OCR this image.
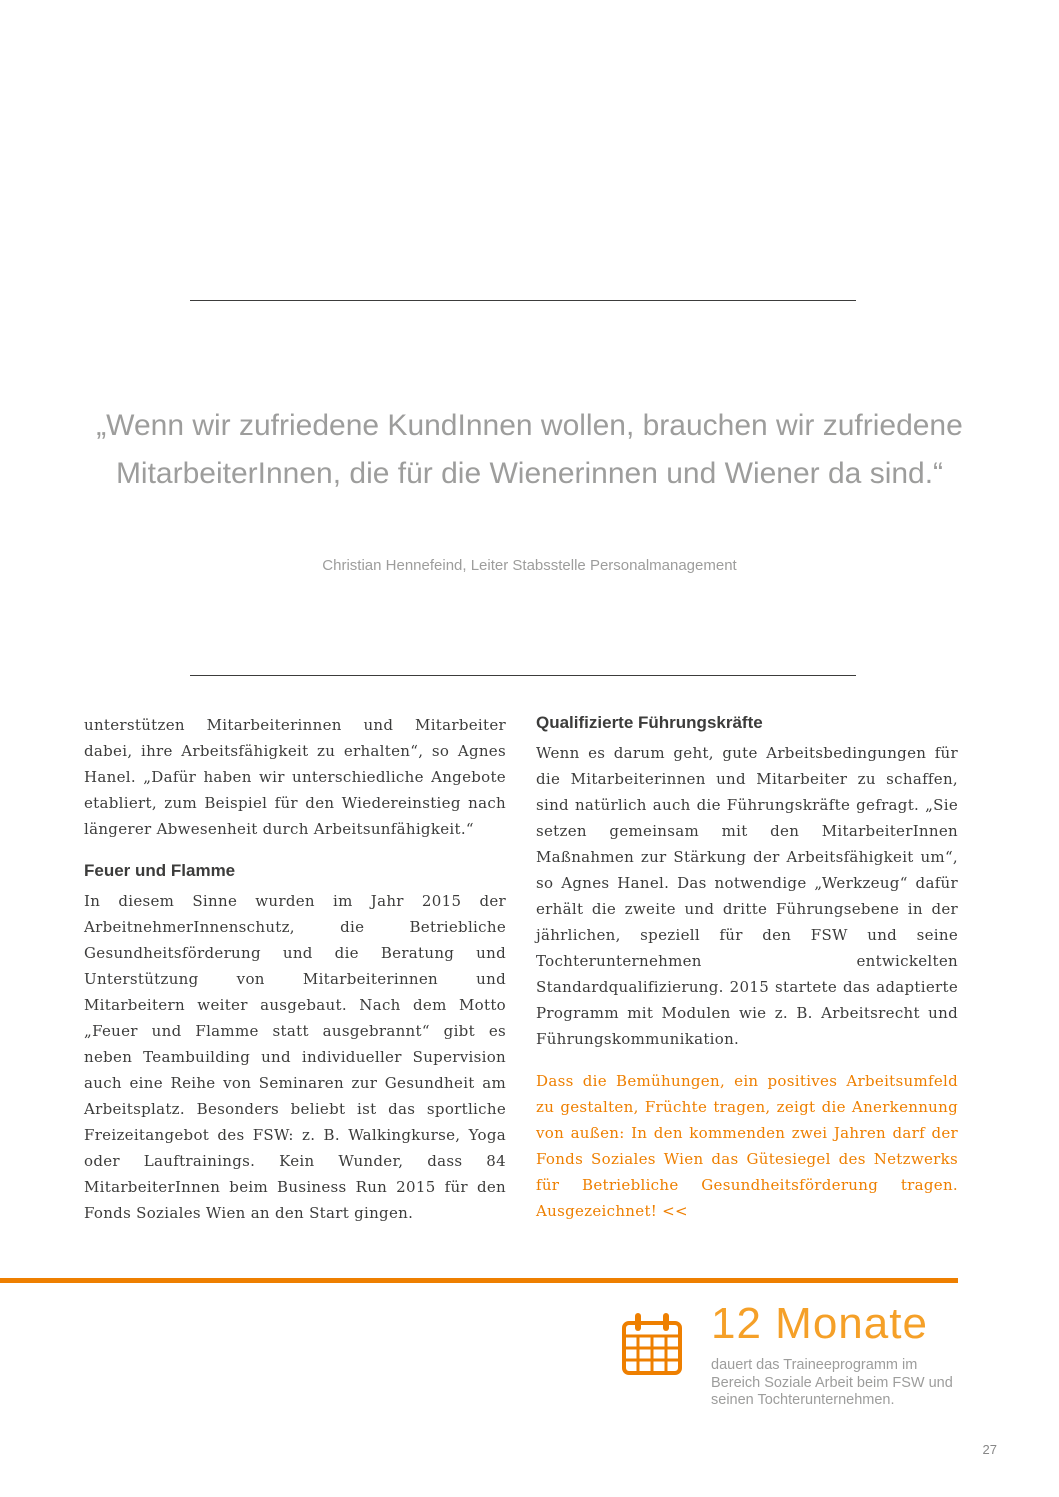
„Wenn wir zufriedene KundInnen wollen, brauchen wir zufriedene MitarbeiterInnen, die für die Wienerinnen und Wiener da sind.“
Christian Hennefeind, Leiter Stabsstelle Personalmanagement

unterstützen Mitarbeiterinnen und Mitarbeiter dabei, ihre Arbeitsfähigkeit zu erhalten“, so Agnes Hanel. „Dafür haben wir unterschiedliche Angebote etabliert, zum Beispiel für den Wiedereinstieg nach längerer Abwesenheit durch Arbeitsunfähigkeit.“

Feuer und Flamme

In diesem Sinne wurden im Jahr 2015 der ArbeitnehmerInnenschutz, die Betriebliche Gesundheitsförderung und die Beratung und Unterstützung von Mitarbeiterinnen und Mitarbeitern weiter ausgebaut. Nach dem Motto „Feuer und Flamme statt ausgebrannt“ gibt es neben Teambuilding und individueller Supervision auch eine Reihe von Seminaren zur Gesundheit am Arbeitsplatz. Besonders beliebt ist das sportliche Freizeitangebot des FSW: z. B. Walkingkurse, Yoga oder Lauftrainings. Kein Wunder, dass 84 MitarbeiterInnen beim Business Run 2015 für den Fonds Soziales Wien an den Start gingen.

Qualifizierte Führungskräfte

Wenn es darum geht, gute Arbeitsbedingungen für die Mitarbeiterinnen und Mitarbeiter zu schaffen, sind natürlich auch die Führungskräfte gefragt. „Sie setzen gemeinsam mit den MitarbeiterInnen Maßnahmen zur Stärkung der Arbeitsfähigkeit um“, so Agnes Hanel. Das notwendige „Werkzeug“ dafür erhält die zweite und dritte Führungsebene in der jährlichen, speziell für den FSW und seine Tochterunternehmen entwickelten Standardqualifizierung. 2015 startete das adaptierte Programm mit Modulen wie z. B. Arbeitsrecht und Führungskommunikation.

Dass die Bemühungen, ein positives Arbeitsumfeld zu gestalten, Früchte tragen, zeigt die Anerkennung von außen: In den kommenden zwei Jahren darf der Fonds Soziales Wien das Gütesiegel des Netzwerks für Betriebliche Gesundheitsförderung tragen. Ausgezeichnet! <<

12 Monate
dauert das Traineeprogramm im Bereich Soziale Arbeit beim FSW und seinen Tochterunternehmen.
27
